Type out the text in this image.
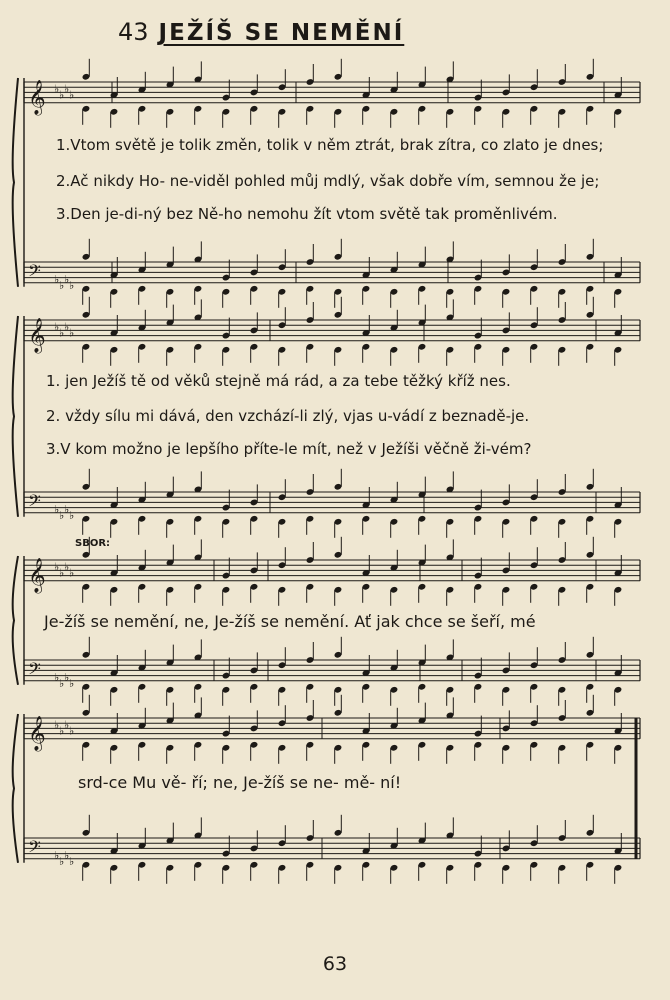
43 JEŽÍŠ SE NEMĚNÍ
𝄞 ♭ ♭ ♭ ♭
𝄢 ♭ ♭ ♭ ♭
𝄞 ♭ ♭ ♭ ♭
𝄢 ♭ ♭ ♭ ♭
𝄞 ♭ ♭ ♭ ♭
𝄢 ♭ ♭ ♭ ♭
𝄞 ♭ ♭ ♭ ♭
𝄢 ♭ ♭ ♭ ♭
SBOR:
1.Vtom světě je tolik změn, tolik v něm ztrát, brak zítra, co zlato je dnes;
2.Ač nikdy Ho- ne-viděl pohled můj mdlý, však dobře vím, semnou že je;
3.Den je-di-ný bez Ně-ho nemohu žít vtom světě tak proměnlivém.
1. jen Ježíš tě od věků stejně má rád, a za tebe těžký kříž nes.
2. vždy sílu mi dává, den vzchází-li zlý, vjas u-vádí z beznadě-je.
3.V kom možno je lepšího příte-le mít, než v Ježíši věčně ži-vém?
Je-žíš se nemění, ne, Je-žíš se nemění. Ať jak chce se šeří, mé
srd-ce Mu vě- ří; ne, Je-žíš se ne- mě- ní!
63
